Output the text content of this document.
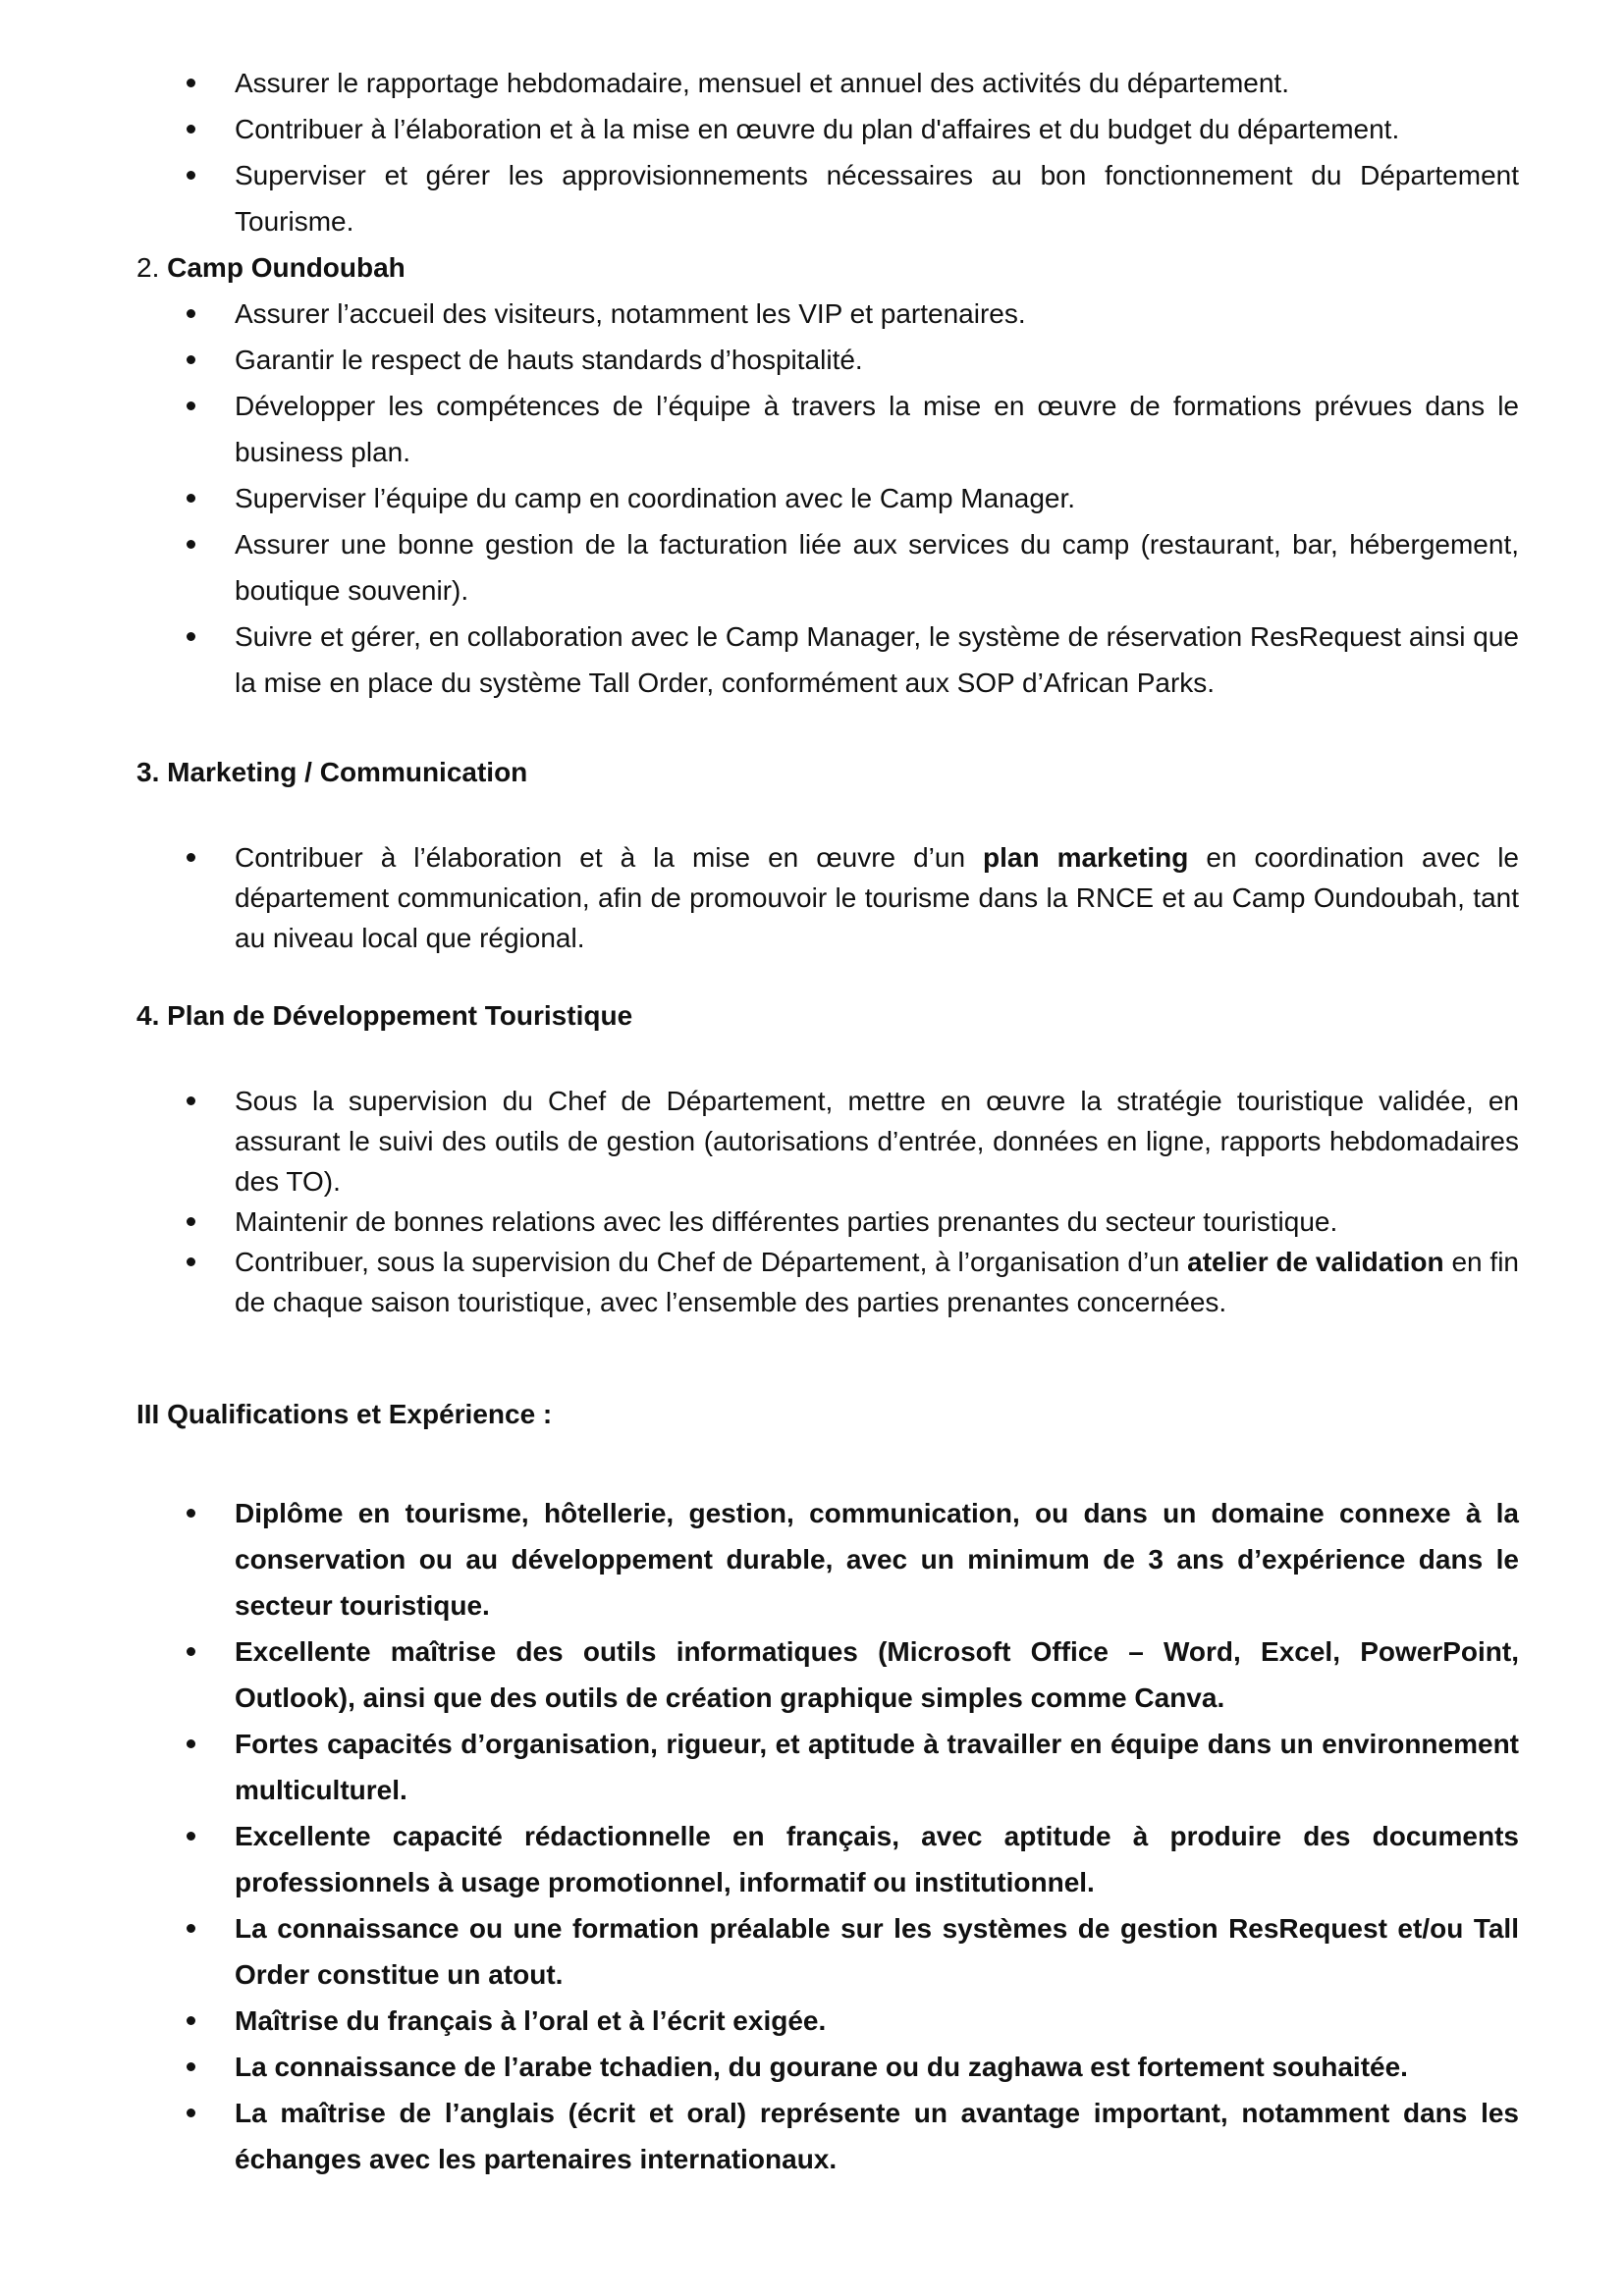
Assurer le rapportage hebdomadaire, mensuel et annuel des activités du département.
Contribuer à l’élaboration et à la mise en œuvre du plan d'affaires et du budget du département.
Superviser et gérer les approvisionnements nécessaires au bon fonctionnement du Département Tourisme.
2. Camp Oundoubah
Assurer l’accueil des visiteurs, notamment les VIP et partenaires.
Garantir le respect de hauts standards d’hospitalité.
Développer les compétences de l’équipe à travers la mise en œuvre de formations prévues dans le business plan.
Superviser l’équipe du camp en coordination avec le Camp Manager.
Assurer une bonne gestion de la facturation liée aux services du camp (restaurant, bar, hébergement, boutique souvenir).
Suivre et gérer, en collaboration avec le Camp Manager, le système de réservation ResRequest ainsi que la mise en place du système Tall Order, conformément aux SOP d’African Parks.
3. Marketing / Communication
Contribuer à l’élaboration et à la mise en œuvre d’un plan marketing en coordination avec le département communication, afin de promouvoir le tourisme dans la RNCE et au Camp Oundoubah, tant au niveau local que régional.
4. Plan de Développement Touristique
Sous la supervision du Chef de Département, mettre en œuvre la stratégie touristique validée, en assurant le suivi des outils de gestion (autorisations d’entrée, données en ligne, rapports hebdomadaires des TO).
Maintenir de bonnes relations avec les différentes parties prenantes du secteur touristique.
Contribuer, sous la supervision du Chef de Département, à l’organisation d’un atelier de validation en fin de chaque saison touristique, avec l’ensemble des parties prenantes concernées.
III Qualifications et Expérience :
Diplôme en tourisme, hôtellerie, gestion, communication, ou dans un domaine connexe à la conservation ou au développement durable, avec un minimum de 3 ans d’expérience dans le secteur touristique.
Excellente maîtrise des outils informatiques (Microsoft Office – Word, Excel, PowerPoint, Outlook), ainsi que des outils de création graphique simples comme Canva.
Fortes capacités d’organisation, rigueur, et aptitude à travailler en équipe dans un environnement multiculturel.
Excellente capacité rédactionnelle en français, avec aptitude à produire des documents professionnels à usage promotionnel, informatif ou institutionnel.
La connaissance ou une formation préalable sur les systèmes de gestion ResRequest et/ou Tall Order constitue un atout.
Maîtrise du français à l’oral et à l’écrit exigée.
La connaissance de l’arabe tchadien, du gourane ou du zaghawa est fortement souhaitée.
La maîtrise de l’anglais (écrit et oral) représente un avantage important, notamment dans les échanges avec les partenaires internationaux.
